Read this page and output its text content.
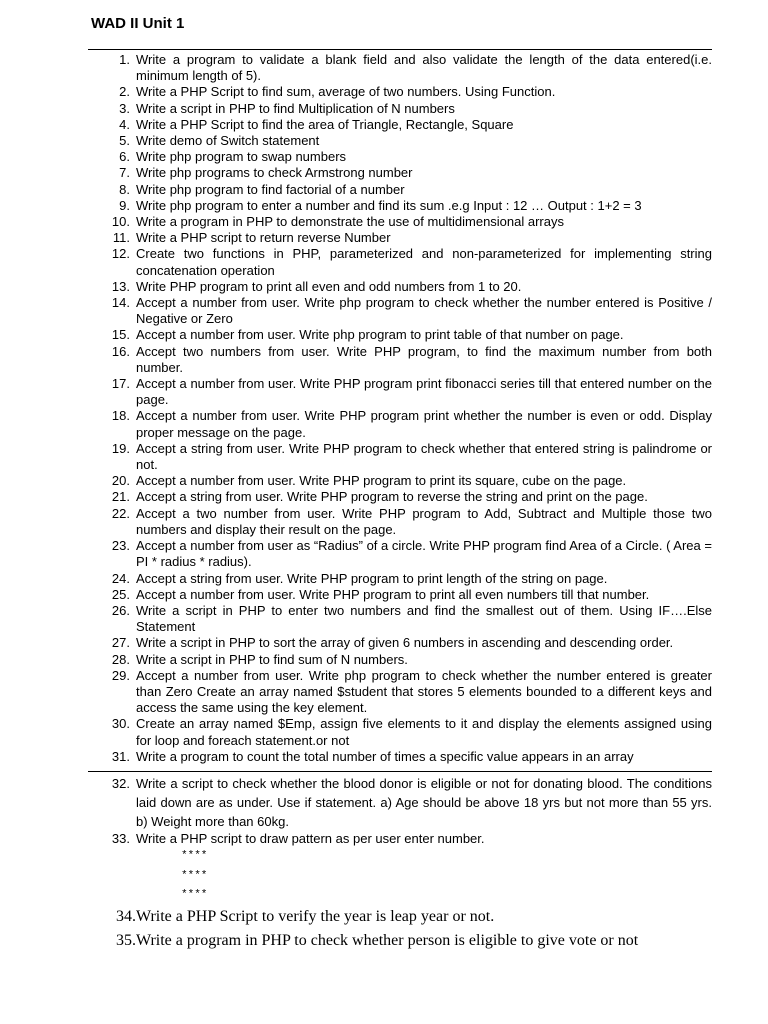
WAD II Unit 1
1. Write a program to validate a blank field and also validate the length of the data entered(i.e. minimum length of 5).
2. Write a PHP Script to find sum, average of two numbers. Using Function.
3. Write a script in PHP to find Multiplication of N numbers
4. Write a PHP Script to find the area of Triangle, Rectangle, Square
5. Write demo of Switch statement
6. Write php program to swap numbers
7. Write php programs to check Armstrong number
8. Write php program to find factorial of a number
9. Write php program to enter a number and find its sum .e.g Input : 12 … Output : 1+2 = 3
10. Write a program in PHP to demonstrate the use of multidimensional arrays
11. Write a PHP script to return reverse Number
12. Create two functions in PHP, parameterized and non-parameterized for implementing string concatenation operation
13. Write PHP program to print all even and odd numbers from 1 to 20.
14. Accept a number from user. Write php program to check whether the number entered is Positive / Negative or Zero
15. Accept a number from user. Write php program to print table of that number on page.
16. Accept two numbers from user. Write PHP program, to find the maximum number from both number.
17. Accept a number from user. Write PHP program print fibonacci series till that entered number on the page.
18. Accept a number from user. Write PHP program print whether the number is even or odd. Display proper message on the page.
19. Accept a string from user. Write PHP program to check whether that entered string is palindrome or not.
20. Accept a number from user. Write PHP program to print its square, cube on the page.
21. Accept a string from user. Write PHP program to reverse the string and print on the page.
22. Accept a two number from user. Write PHP program to Add, Subtract and Multiple those two numbers and display their result on the page.
23. Accept a number from user as “Radius” of a circle. Write PHP program find Area of a Circle. ( Area = PI * radius * radius).
24. Accept a string from user. Write PHP program to print length of the string on page.
25. Accept a number from user. Write PHP program to print all even numbers till that number.
26. Write a script in PHP to enter two numbers and find the smallest out of them. Using IF….Else Statement
27. Write a script in PHP to sort the array of given 6 numbers in ascending and descending order.
28. Write a script in PHP to find sum of N numbers.
29. Accept a number from user. Write php program to check whether the number entered is greater than Zero Create an array named $student that stores 5 elements bounded to a different keys and access the same using the key element.
30. Create an array named $Emp, assign five elements to it and display the elements assigned using for loop and foreach statement.or not
31. Write a program to count the total number of times a specific value appears in an array
32. Write a script to check whether the blood donor is eligible or not for donating blood. The conditions laid down are as under. Use if statement. a) Age should be above 18 yrs but not more than 55 yrs. b) Weight more than 60kg.
33. Write a PHP script to draw pattern as per user enter number.
****
****
****
34. Write a PHP Script to verify the year is leap year or not.
35. Write a program in PHP to check whether person is eligible to give vote or not
